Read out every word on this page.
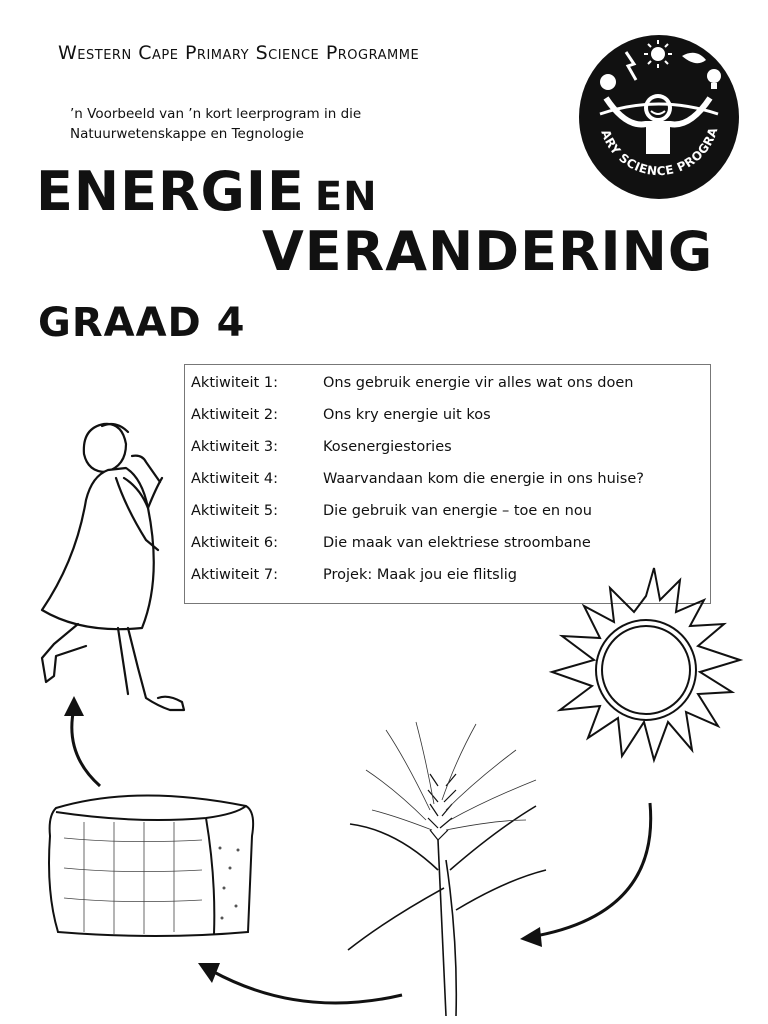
Western Cape Primary Science Programme
’n Voorbeeld van ’n kort leerprogram in die
Natuurwetenskappe en Tegnologie
PRIMARY SCIENCE PROGRAMME
ENERGIE EN
VERANDERING
GRAAD 4
Aktiwiteit 1:	Ons gebruik energie vir alles wat ons doen
Aktiwiteit 2:	Ons kry energie uit kos
Aktiwiteit 3:	Kosenergiestories
Aktiwiteit 4:	Waarvandaan kom die energie in ons huise?
Aktiwiteit 5:	Die gebruik van energie – toe en nou
Aktiwiteit 6:	Die maak van elektriese stroombane
Aktiwiteit 7:	Projek: Maak jou eie flitslig
